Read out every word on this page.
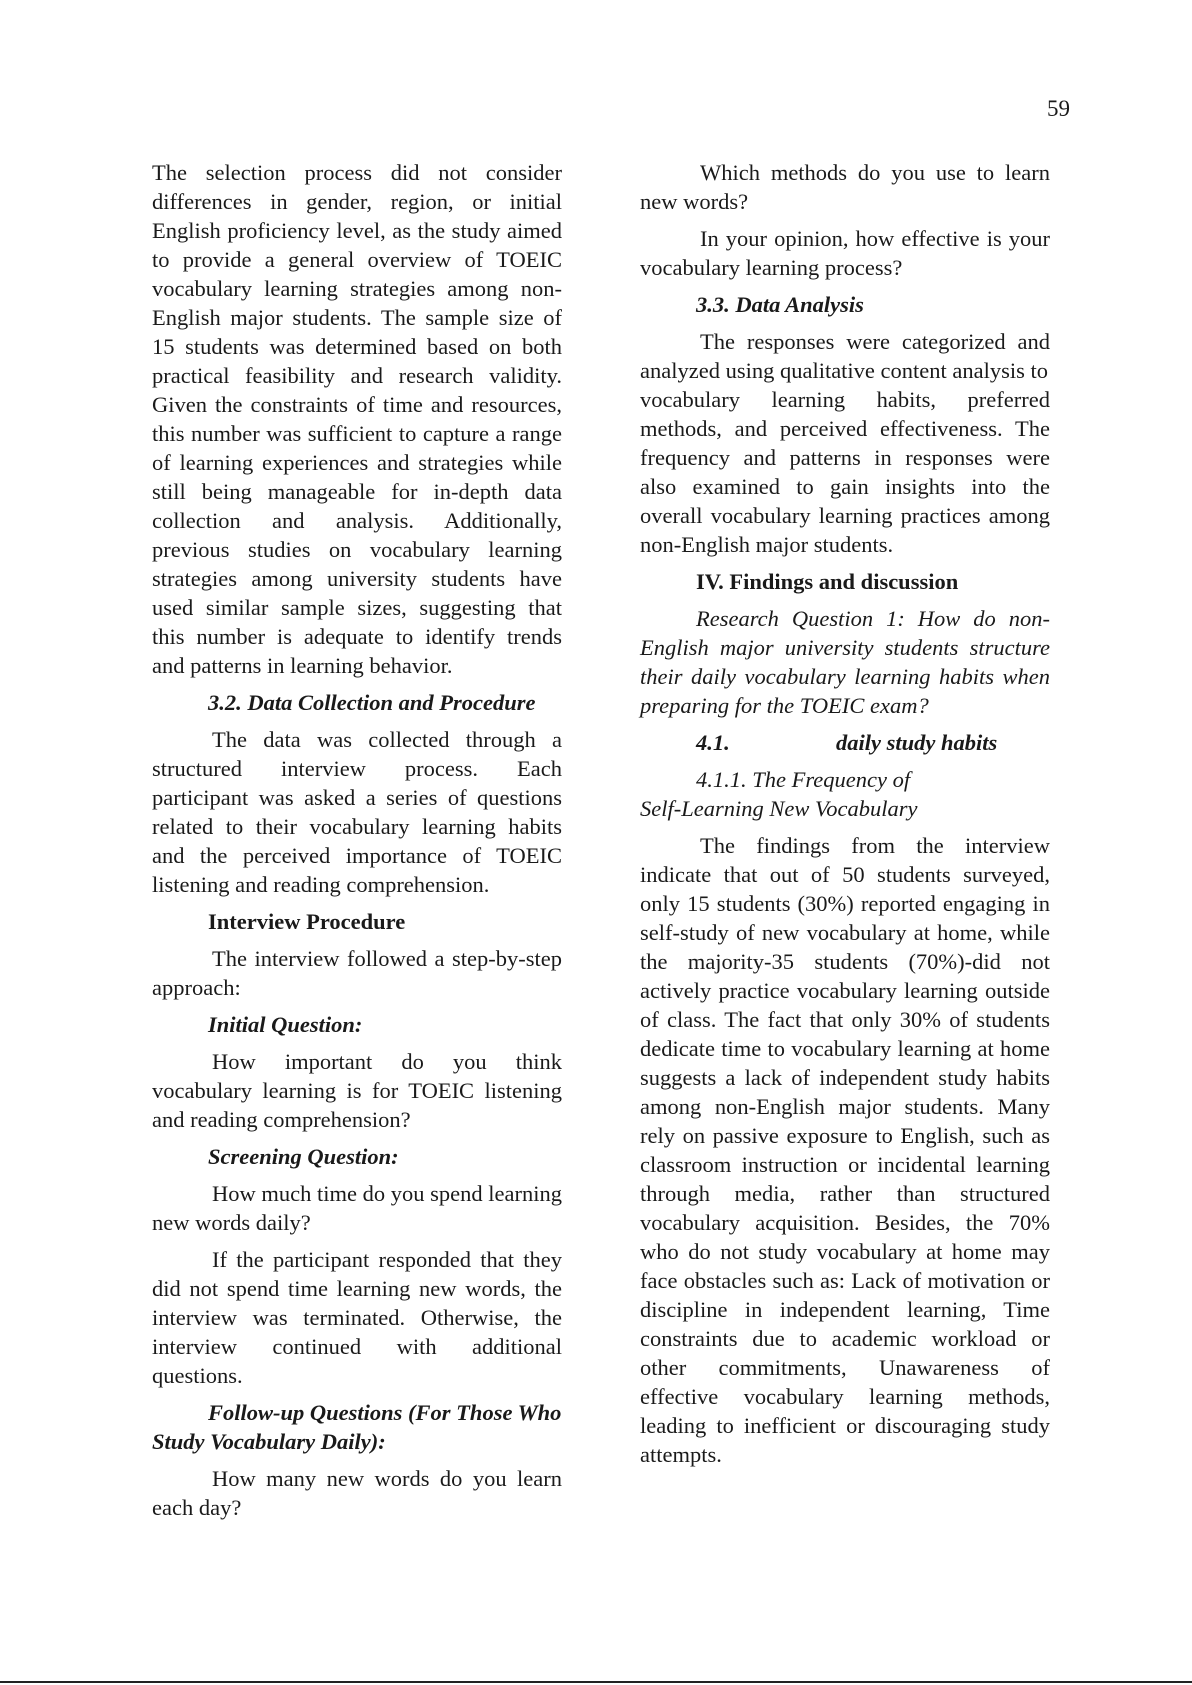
59

The selection process did not consider differences in gender, region, or initial English proficiency level, as the study aimed to provide a general overview of TOEIC vocabulary learning strategies among non-English major students. The sample size of 15 students was determined based on both practical feasibility and research validity. Given the constraints of time and resources, this number was sufficient to capture a range of learning experiences and strategies while still being manageable for in-depth data collection and analysis. Additionally, previous studies on vocabulary learning strategies among university students have used similar sample sizes, suggesting that this number is adequate to identify trends and patterns in learning behavior.

3.2. Data Collection and Procedure

The data was collected through a structured interview process. Each participant was asked a series of questions related to their vocabulary learning habits and the perceived importance of TOEIC listening and reading comprehension.

Interview Procedure

The interview followed a step-by-step approach:

Initial Question:

How important do you think vocabulary learning is for TOEIC listening and reading comprehension?

Screening Question:

How much time do you spend learning new words daily?

If the participant responded that they did not spend time learning new words, the interview was terminated. Otherwise, the interview continued with additional questions.

Follow-up Questions (For Those Who Study Vocabulary Daily):

How many new words do you learn each day?

Which methods do you use to learn new words?

In your opinion, how effective is your vocabulary learning process?

3.3. Data Analysis

The responses were categorized and analyzed using qualitative content analysis to

vocabulary learning habits, preferred methods, and perceived effectiveness. The frequency and patterns in responses were also examined to gain insights into the overall vocabulary learning practices among non-English major students.

IV. Findings and discussion
Research Question 1: How do non-English major university students structure their daily vocabulary learning habits when preparing for the TOEIC exam?
4.1.	daily study habits
4.1.1. The Frequency of
Self-Learning New Vocabulary

The findings from the interview indicate that out of 50 students surveyed, only 15 students (30%) reported engaging in self-study of new vocabulary at home, while the majority-35 students (70%)-did not actively practice vocabulary learning outside of class. The fact that only 30% of students dedicate time to vocabulary learning at home suggests a lack of independent study habits among non-English major students. Many rely on passive exposure to English, such as classroom instruction or incidental learning through media, rather than structured vocabulary acquisition. Besides, the 70% who do not study vocabulary at home may face obstacles such as: Lack of motivation or discipline in independent learning, Time constraints due to academic workload or other commitments, Unawareness of effective vocabulary learning methods, leading to inefficient or discouraging study attempts.
